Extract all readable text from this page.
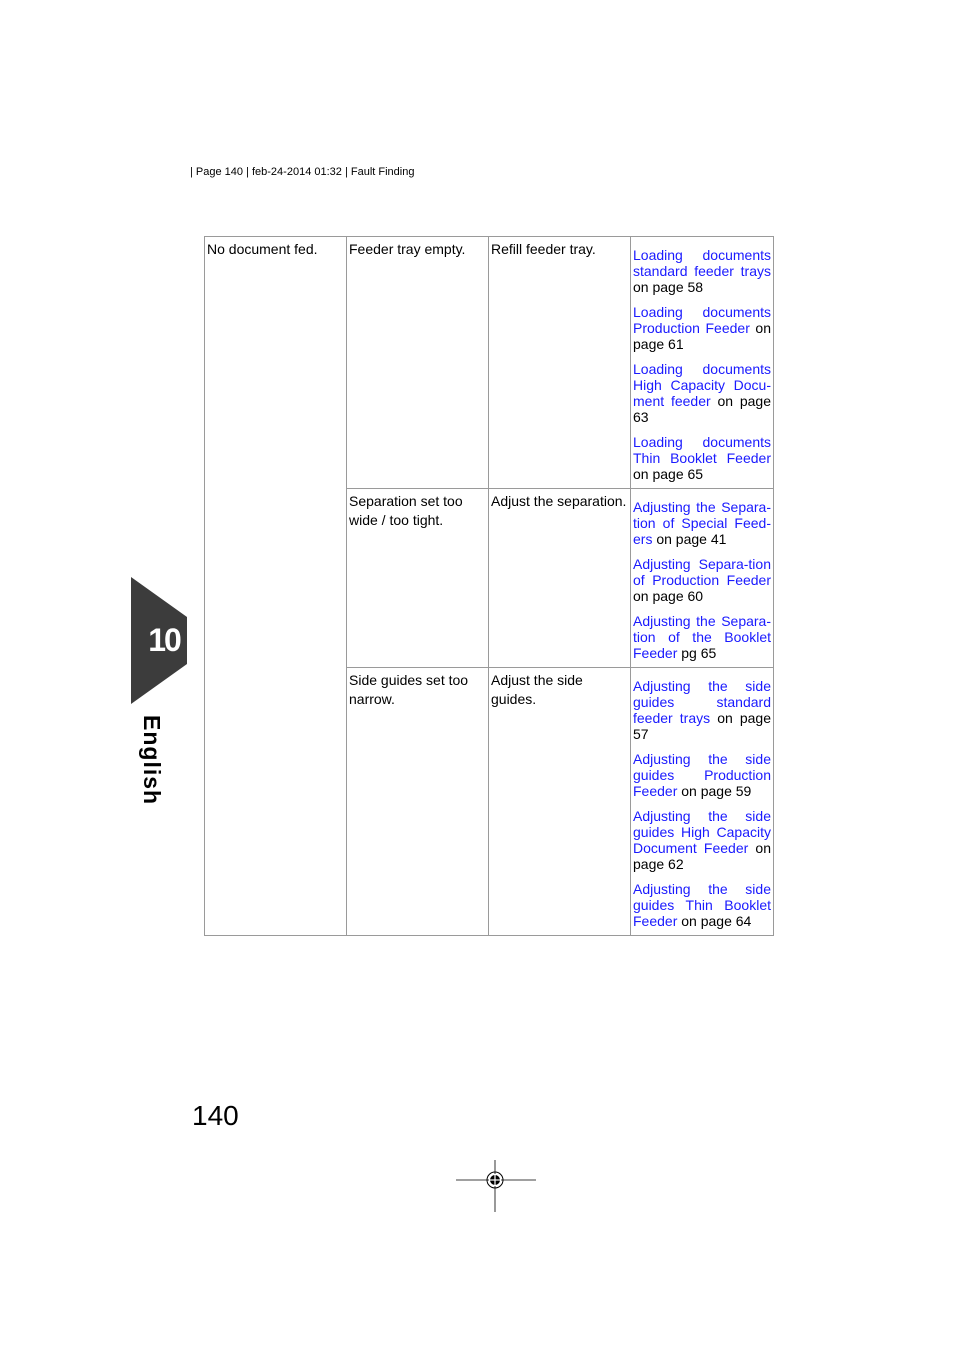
| Page 140 | feb-24-2014 01:32 | Fault Finding
No document fed.	Feeder tray empty.	Refill feeder tray.	Loading documents standard feeder trays on page 58
Loading documents Production Feeder on page 61
Loading documents High Capacity Docu-ment feeder on page 63
Loading documents Thin Booklet Feeder on page 65

	Separation set too wide / too tight.	Adjust the separation.	Adjusting the Separa-tion of Special Feed-ers on page 41
Adjusting Separa-tion of Production Feeder on page 60
Adjusting the Separa-tion of the Booklet Feeder pg 65

	Side guides set too narrow.	Adjust the side guides.	Adjusting the side guides standard feeder trays on page 57
Adjusting the side guides Production Feeder on page 59
Adjusting the side guides High Capacity Document Feeder on page 62
Adjusting the side guides Thin Booklet Feeder on page 64
10
English
140
